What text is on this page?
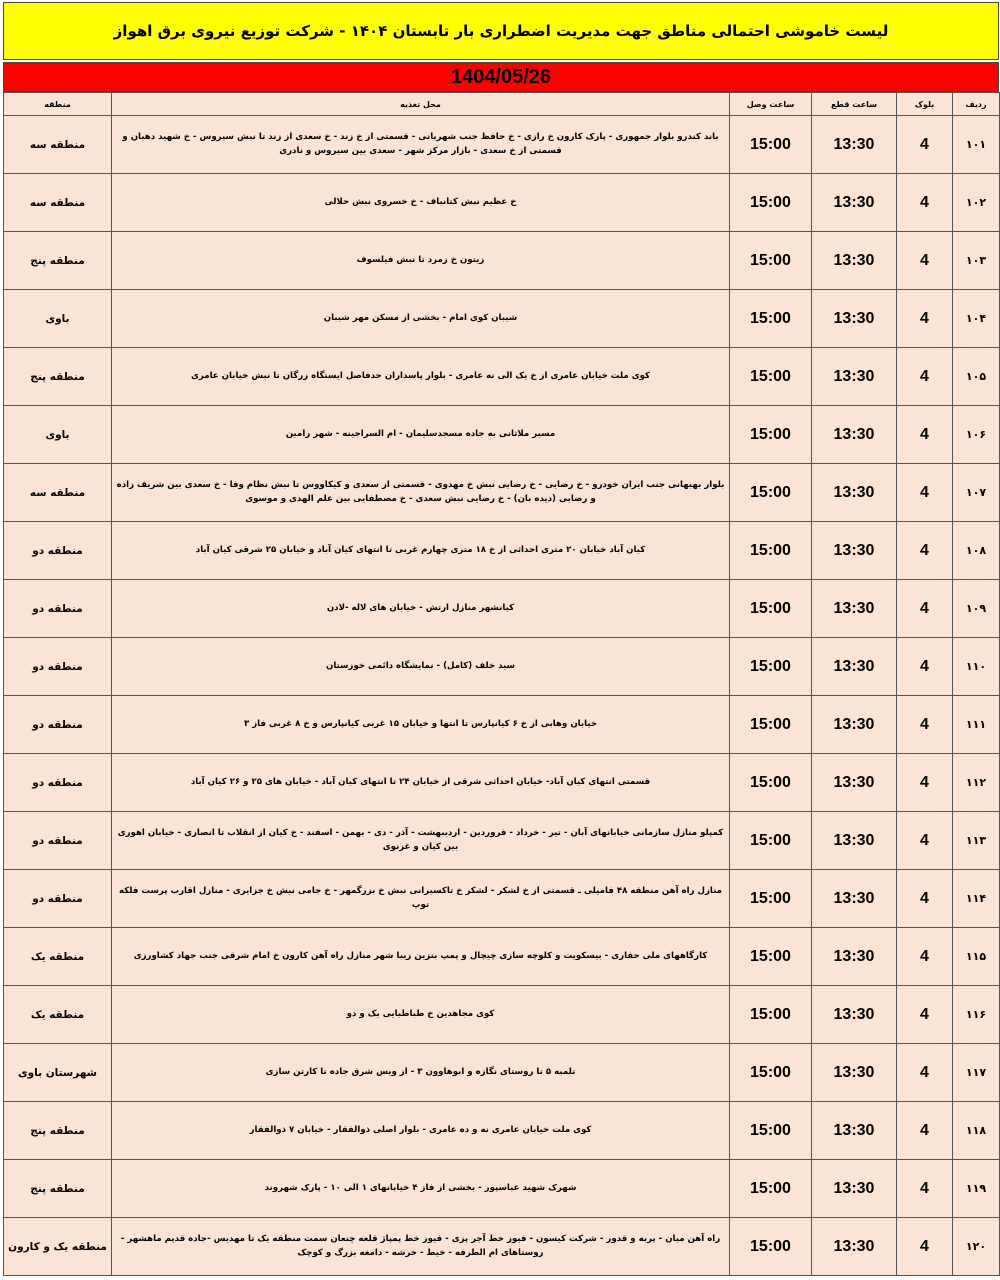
لیست خاموشی احتمالی مناطق جهت مدیریت اضطراری بار تابستان ۱۴۰۴ - شرکت توزیع نیروی برق اهواز
1404/05/26
ردیف	بلوک	ساعت قطع	ساعت وصل	محل تغذیه	منطقه
۱۰۱	4	13:30	15:00	باند کندرو بلوار جمهوری - پارک کارون خ رازی - خ حافظ جنب شهربانی - قسمتی از خ زند - خ سعدی از زند تا نبش سیروس - خ شهید دهبان و قسمتی از خ سعدی - بازار مرکز شهر - سعدی بین سیروس و نادری	منطقه سه
۱۰۲	4	13:30	15:00	خ عظیم نبش کتانباف - خ خسروی نبش حلالی	منطقه سه
۱۰۳	4	13:30	15:00	زیتون خ زمرد تا نبش فیلسوف	منطقه پنج
۱۰۴	4	13:30	15:00	شیبان کوی امام - بخشی از مسکن مهر شیبان	باوی
۱۰۵	4	13:30	15:00	کوی ملت خیابان عامری از خ یک الی نه عامری - بلوار پاسداران حدفاصل ایستگاه زرگان تا نبش خیابان عامری	منطقه پنج
۱۰۶	4	13:30	15:00	مسیر ملاثانی به جاده مسجدسلیمان - ام السراجینه - شهر رامین	باوی
۱۰۷	4	13:30	15:00	بلوار بهبهانی جنب ایران خودرو - خ رضایی - خ رضایی نبش خ مهدوی - قسمتی از سعدی و کیکاووس تا نبش نظام وفا - خ سعدی بین شریف زاده و رضایی (دیده بان) - خ رضایی نبش سعدی - خ مصطفایی بین علم الهدی و موسوی	منطقه سه
۱۰۸	4	13:30	15:00	کیان آباد خیابان ۲۰ متری احداثی از خ ۱۸ متری چهارم غربی تا انتهای کیان آباد و خیابان ۲۵ شرقی کیان آباد	منطقه دو
۱۰۹	4	13:30	15:00	کیانشهر منازل ارتش - خیابان های لاله -لادن	منطقه دو
۱۱۰	4	13:30	15:00	سید خلف (کامل) - نمایشگاه دائمی خوزستان	منطقه دو
۱۱۱	4	13:30	15:00	خیابان وهابی از خ ۶ کیانپارس تا انتها و خیابان ۱۵ غربی کیانپارس و خ ۸ غربی فاز ۳	منطقه دو
۱۱۲	4	13:30	15:00	قسمتی انتهای کیان آباد- خیابان احداثی شرقی از خیابان ۲۴ تا انتهای کیان آباد - خیابان های ۲۵ و ۲۶ کیان آباد	منطقه دو
۱۱۳	4	13:30	15:00	کمپلو منازل سازمانی خیابانهای آبان - تیر - خرداد - فروردین - اردیبهشت - آذر - دی - بهمن - اسفند - خ کیان از انقلاب تا انصاری - خیابان اهوری بین کیان و غزنوی	منطقه دو
۱۱۴	4	13:30	15:00	منازل راه آهن منطقه ۴۸ فامیلی ـ قسمتی از خ لشکر - لشکر خ تاکسیرانی نبش خ بزرگمهر - خ جامی نبش خ جزایری - منازل اقارب پرست فلکه توپ	منطقه دو
۱۱۵	4	13:30	15:00	کارگاههای ملی حفاری - بیسکویت و کلوچه سازی چیچال و پمپ بنزین زیبا شهر منازل راه آهن کارون خ امام شرقی جنب جهاد کشاورزی	منطقه یک
۱۱۶	4	13:30	15:00	کوی مجاهدین خ طباطبایی یک و دو	منطقه یک
۱۱۷	4	13:30	15:00	تلمبه ۵ تا روستای نگازه و ابوهاوون ۳ - از ویس شرق جاده تا کارتن سازی	شهرستان باوی
۱۱۸	4	13:30	15:00	کوی ملت خیابان عامری نه و ده عامری - بلوار اصلی ذوالفقار - خیابان ۷ ذوالفقار	منطقه پنج
۱۱۹	4	13:30	15:00	شهرک شهید عباسپور - بخشی از فاز ۴ خیابانهای ۱ الی ۱۰ - پارک شهروند	منطقه پنج
۱۲۰	4	13:30	15:00	راه آهن میان - پربه و قدور - شرکت کیسون - فیوز خط آجر پزی - فیوز خط پمپاژ قلعه چنعان سمت منطقه یک تا مهدیس -جاده قدیم ماهشهر - روستاهای ام الطرفه - خیط - خرشه - دامغه بزرگ و کوچک	منطقه یک و کارون
